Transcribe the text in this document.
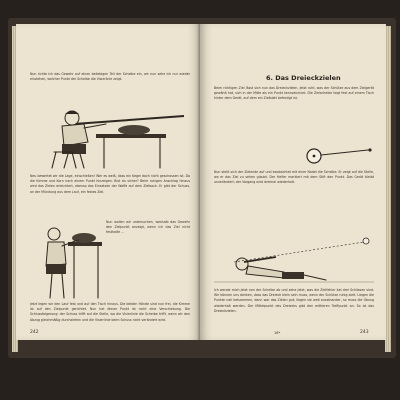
Nun richte ich das Gewehr auf einen beliebigen Teil der Scheibe ein, wir nun sehe ich nur wieder einziehen, welcher Punkt der Scheibe die Visierlinie zeigt.
Neu bewertet wir die Lage, einschießen! Wer es weiß, dass ein Kegel doch nicht geschossen ist. Da die Kimme und Korn nach einem Punkt hinzeigen. Bist du sicher? Beim ruhigen Anschlag hinaus wird das Zielen erleichtert, ebenso das Einsetzen der Waffe auf dem Zielbock. Er gibt der Schuss, an der Mündung aus dem Lauf, ein festes Ziel.
Nun wollen wir untersuchen, weshalb das Gewehr den Zielpunkt anzeigt, wenn ich das Ziel nicht festhalte ...
Jetzt legen wir den Lauf fest und auf den Tisch hinaus. Die beiden Hände sind nun frei, die Kimme ist auf den Zielpunkt gerichtet. Nun hat dieser Punkt ist nicht eine Verschiebung. Die Schlussfolgerung: der Schuss trifft auf die Stelle, wo die Visierlinie die Scheibe trifft, wenn wir den Abzug gleichmäßig durchziehen und die Visierlinie beim Schuss nicht verändert wird.
242
6. Das Dreieckzielen
Beim richtigen Ziel lässt sich nun das Dreieckzielen. Jetzt ruht, was der Schütze aus dem Zielgerät gewählt hat, sich in der Mitte als ein Punkt kennzeichnet. Die Zielscheibe liegt fest auf einem Tisch hinter dem Gerät, auf dem ein Zielblatt befestigt ist.
Nun stellt sich der Zielende auf und beobachtet mit einer Nadel die Scheibe. Er zeigt auf die Stelle, wo er das Ziel zu sehen glaubt. Der Helfer markiert mit dem Stift den Punkt. Das Gerät bleibt unverändert; der Vorgang wird dreimal wiederholt.
Ich wende mich jetzt von der Scheibe ab und sehe jetzt, was die Zielfehler bei drei Schüssen sind. Wir können uns denken, dass das Dreieck klein sein muss, wenn der Schütze ruhig zielt. Liegen die Punkte nah beisammen, dann war das Zielen gut; liegen sie weit auseinander, so muss die Übung wiederholt werden. Der Mittelpunkt des Dreiecks gibt den mittleren Treffpunkt an. So ist das Dreieckzielen.
16*	243
